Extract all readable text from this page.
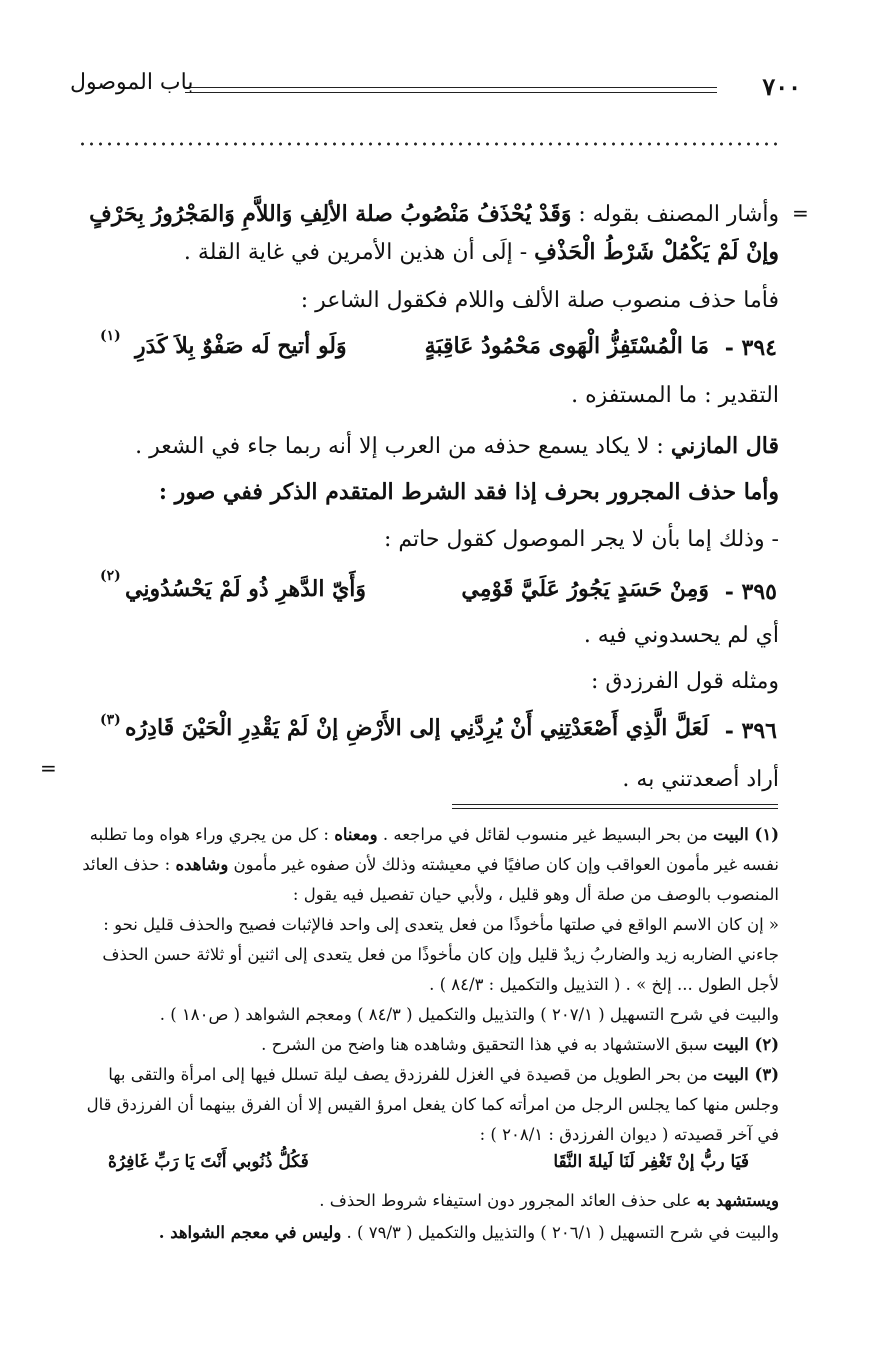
٧٠٠
باب الموصول
=
=
وأشار المصنف بقوله : وَقَدْ يُحْذَفُ مَنْصُوبُ صلة الألِفِ وَاللاَّمِ وَالمَجْرُورُ بِحَرْفٍ
وإنْ لَمْ يَكْمُلْ شَرْطُ الْحَذْفِ - إلَى أن هذين الأمرين في غاية القلة .
فأما حذف منصوب صلة الألف واللام فكقول الشاعر :
٣٩٤ -
مَا الْمُسْتَفِزُّ الْهَوى مَحْمُودُ عَاقِبَةٍ
وَلَو أتيح لَه صَفْوٌ بِلاَ كَدَرِ
(١)
التقدير : ما المستفزه .
قال المازني : لا يكاد يسمع حذفه من العرب إلا أنه ربما جاء في الشعر .
وأما حذف المجرور بحرف إذا فقد الشرط المتقدم الذكر ففي صور :
- وذلك إما بأن لا يجر الموصول كقول حاتم :
٣٩٥ -
وَمِنْ حَسَدٍ يَجُورُ عَلَيَّ قَوْمِي
وَأَيّ الدَّهرِ ذُو لَمْ يَحْسُدُونِي
(٢)
أي لم يحسدوني فيه .
ومثله قول الفرزدق :
٣٩٦ -
لَعَلَّ الَّذِي أَصْعَدْتِنِي أَنْ يُرِدَّنِي
إلى الأَرْضِ إنْ لَمْ يَقْدِرِ الْحَيْنَ قَادِرُه
(٣)
أراد أصعدتني به .
(١) البيت من بحر البسيط غير منسوب لقائل في مراجعه . ومعناه : كل من يجري وراء هواه وما تطلبه
نفسه غير مأمون العواقب وإن كان صافيًا في معيشته وذلك لأن صفوه غير مأمون وشاهده : حذف العائد
المنصوب بالوصف من صلة أل وهو قليل ، ولأبي حيان تفصيل فيه يقول :
« إن كان الاسم الواقع في صلتها مأخوذًا من فعل يتعدى إلى واحد فالإثبات فصيح والحذف قليل نحو :
جاءني الضاربه زيد والضاربُ زيدٌ قليل وإن كان مأخوذًا من فعل يتعدى إلى اثنين أو ثلاثة حسن الحذف
لأجل الطول ... إلخ » . ( التذييل والتكميل : ٨٤/٣ ) .
والبيت في شرح التسهيل ( ٢٠٧/١ ) والتذييل والتكميل ( ٨٤/٣ ) ومعجم الشواهد ( ص١٨٠ ) .
(٢) البيت سبق الاستشهاد به في هذا التحقيق وشاهده هنا واضح من الشرح .
(٣) البيت من بحر الطويل من قصيدة في الغزل للفرزدق يصف ليلة تسلل فيها إلى امرأة والتقى بها
وجلس منها كما يجلس الرجل من امرأته كما كان يفعل امرؤ القيس إلا أن الفرق بينهما أن الفرزدق قال
في آخر قصيدته ( ديوان الفرزدق : ٢٠٨/١ ) :
فَيَا ربُّ إنْ تَغْفِر لَنَا لَيلةَ النَّقَا
فَكُلُّ ذُنُوبي أَنْتَ يَا رَبِّ غَافِرُهْ
ويستشهد به على حذف العائد المجرور دون استيفاء شروط الحذف .
والبيت في شرح التسهيل ( ٢٠٦/١ ) والتذييل والتكميل ( ٧٩/٣ ) . وليس في معجم الشواهد .
